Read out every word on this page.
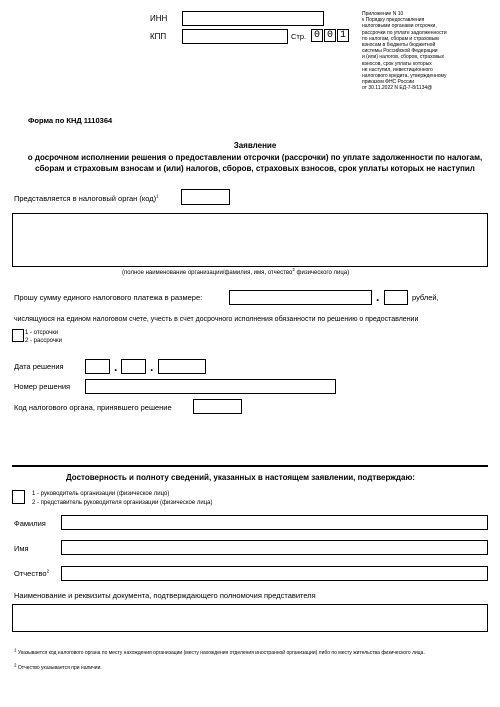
ИНН
КПП	Стр. 0 0 1
Приложение N 10
к Порядку предоставления
налоговыми органами отсрочки,
рассрочки по уплате задолженности
по налогам, сборам и страховым
взносам в бюджеты бюджетной
системы Российской Федерации
и (или) налогов, сборов, страховых
взносов, срок уплаты которых
не наступил, инвестиционного
налогового кредита, утвержденному
приказом ФНС России
от 30.11.2022 N ЕД-7-8/1134@
Форма по КНД 1110364
Заявление
о досрочном исполнении решения о предоставлении отсрочки (рассрочки) по уплате задолженности по налогам, сборам и страховым взносам и (или) налогов, сборов, страховых взносов, срок уплаты которых не наступил
Представляется в налоговый орган (код)$^1$
(полное наименование организации/фамилия, имя, отчество$^2$ физического лица)
Прошу сумму единого налогового платежа в размере:	.	рублей,
числящуюся на едином налоговом счете, учесть в счет досрочного исполнения обязанности по решению о предоставлении
1 - отсрочки
2 - рассрочки
Дата решения	.	.
Номер решения
Код налогового органа, принявшего решение
Достоверность и полноту сведений, указанных в настоящем заявлении, подтверждаю:
1 - руководитель организации (физическое лицо)
2 - представитель руководителя организации (физическое лица)
Фамилия
Имя
Отчество$^2$
Наименование и реквизиты документа, подтверждающего полномочия представителя
$^1$ Указывается код налогового органа по месту нахождения организации (месту нахождения отделения иностранной организации) либо по месту жительства физического лица.
$^2$ Отчество указывается при наличии.
